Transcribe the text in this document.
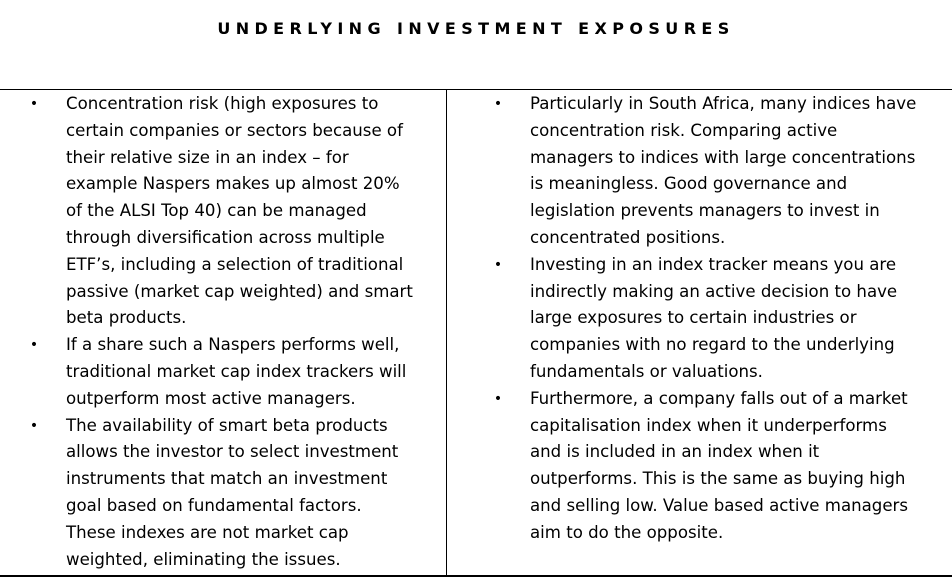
UNDERLYING INVESTMENT EXPOSURES
• Concentration risk (high exposures to
certain companies or sectors because of
their relative size in an index – for
example Naspers makes up almost 20%
of the ALSI Top 40) can be managed
through diversification across multiple
ETF’s, including a selection of traditional
passive (market cap weighted) and smart
beta products.
• If a share such a Naspers performs well,
traditional market cap index trackers will
outperform most active managers.
• The availability of smart beta products
allows the investor to select investment
instruments that match an investment
goal based on fundamental factors.
These indexes are not market cap
weighted, eliminating the issues.
• Particularly in South Africa, many indices have
concentration risk. Comparing active
managers to indices with large concentrations
is meaningless. Good governance and
legislation prevents managers to invest in
concentrated positions.
• Investing in an index tracker means you are
indirectly making an active decision to have
large exposures to certain industries or
companies with no regard to the underlying
fundamentals or valuations.
• Furthermore, a company falls out of a market
capitalisation index when it underperforms
and is included in an index when it
outperforms. This is the same as buying high
and selling low. Value based active managers
aim to do the opposite.
